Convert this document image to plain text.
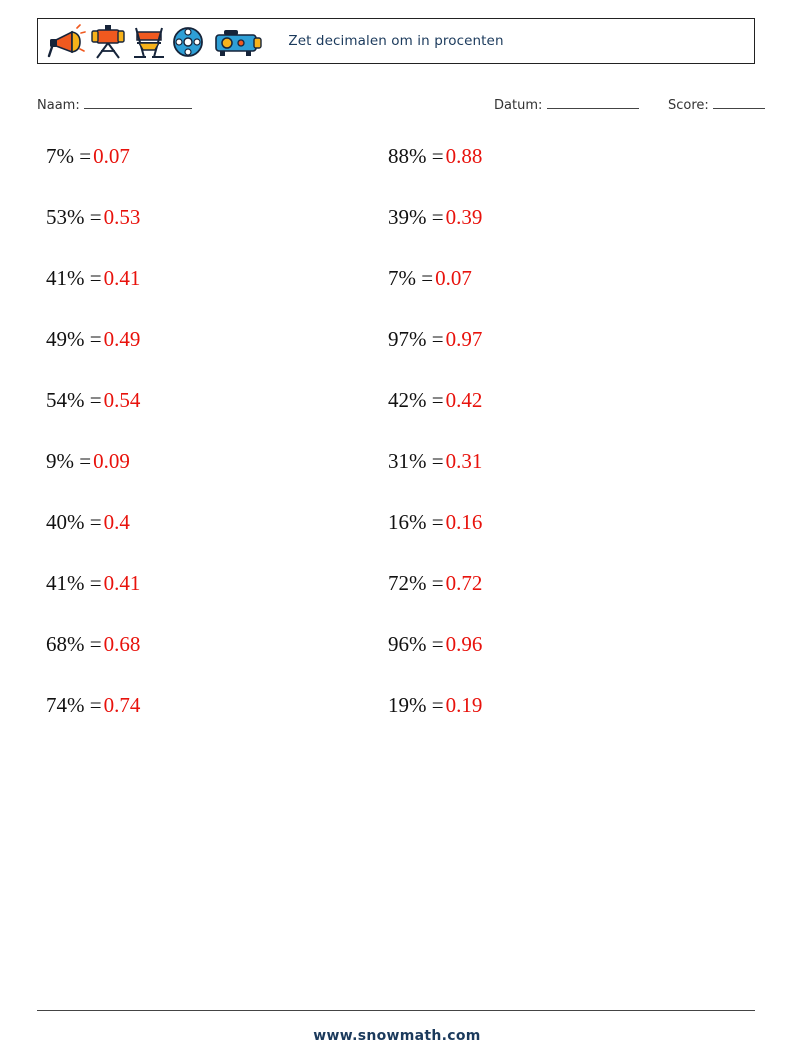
Zet decimalen om in procenten
Naam:	Datum:	Score:
7% =0.07
53% =0.53
41% =0.41
49% =0.49
54% =0.54
9% =0.09
40% =0.4
41% =0.41
68% =0.68
74% =0.74
88% =0.88
39% =0.39
7% =0.07
97% =0.97
42% =0.42
31% =0.31
16% =0.16
72% =0.72
96% =0.96
19% =0.19
www.snowmath.com
